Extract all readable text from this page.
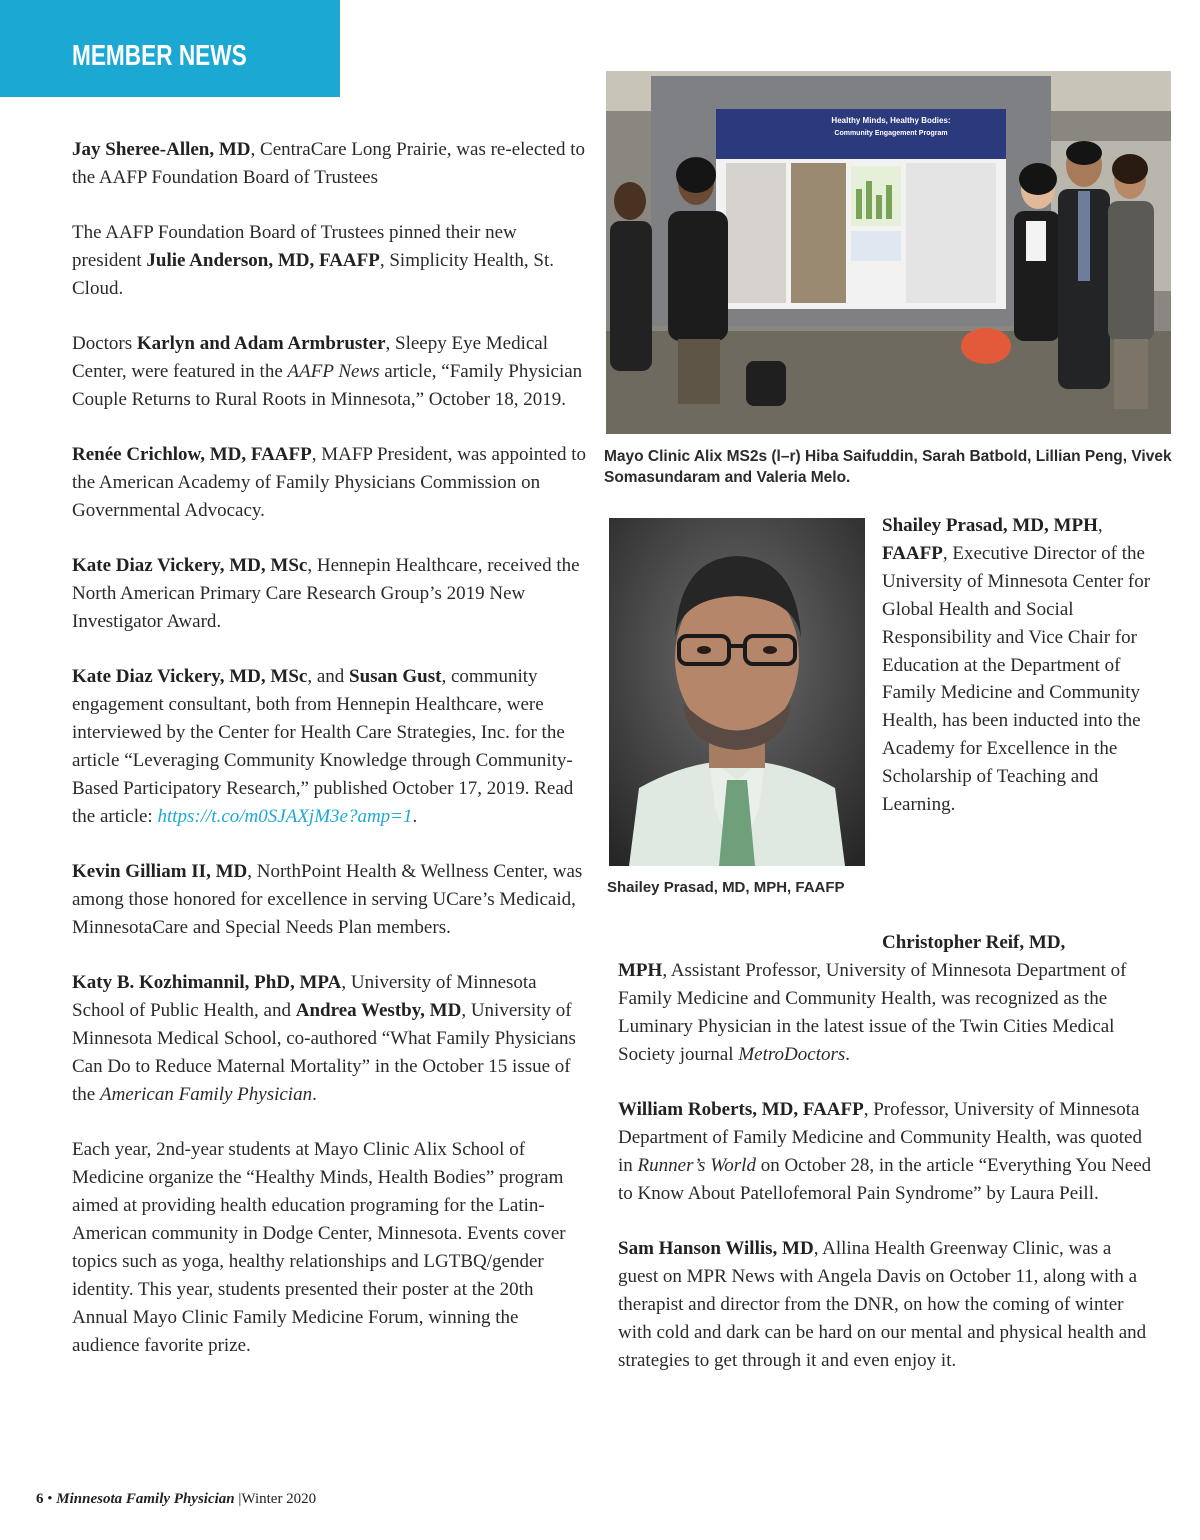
MEMBER NEWS

Jay Sheree-Allen, MD, CentraCare Long Prairie, was re-elected to the AAFP Foundation Board of Trustees

The AAFP Foundation Board of Trustees pinned their new president Julie Anderson, MD, FAAFP, Simplicity Health, St. Cloud.

Doctors Karlyn and Adam Armbruster, Sleepy Eye Medical Center, were featured in the AAFP News article, “Family Physician Couple Returns to Rural Roots in Minnesota,” October 18, 2019.

Renée Crichlow, MD, FAAFP, MAFP President, was appointed to the American Academy of Family Physicians Commission on Governmental Advocacy.

Kate Diaz Vickery, MD, MSc, Hennepin Healthcare, received the North American Primary Care Research Group’s 2019 New Investigator Award.

Kate Diaz Vickery, MD, MSc, and Susan Gust, community engagement consultant, both from Hennepin Healthcare, were interviewed by the Center for Health Care Strategies, Inc. for the article “Leveraging Community Knowledge through Community-Based Participatory Research,” published October 17, 2019. Read the article: https://t.co/m0SJAXjM3e?amp=1.

Kevin Gilliam II, MD, NorthPoint Health & Wellness Center, was among those honored for excellence in serving UCare’s Medicaid, MinnesotaCare and Special Needs Plan members.

Katy B. Kozhimannil, PhD, MPA, University of Minnesota School of Public Health, and Andrea Westby, MD, University of Minnesota Medical School, co-authored “What Family Physicians Can Do to Reduce Maternal Mortality” in the October 15 issue of the American Family Physician.

Each year, 2nd-year students at Mayo Clinic Alix School of Medicine organize the “Healthy Minds, Health Bodies” program aimed at providing health education programing for the Latin-American community in Dodge Center, Minnesota. Events cover topics such as yoga, healthy relationships and LGTBQ/gender identity. This year, students presented their poster at the 20th Annual Mayo Clinic Family Medicine Forum, winning the audience favorite prize.

Healthy Minds, Healthy Bodies:
Community Engagement Program
Mayo Clinic Alix MS2s (l–r) Hiba Saifuddin, Sarah Batbold, Lillian Peng, Vivek Somasundaram and Valeria Melo.
Shailey Prasad, MD, MPH, FAAFP

Shailey Prasad, MD, MPH, FAAFP, Executive Director of the University of Minnesota Center for Global Health and Social Responsibility and Vice Chair for Education at the Department of Family Medicine and Community Health, has been inducted into the Academy for Excellence in the Scholarship of Teaching and Learning.

Christopher Reif, MD,
MPH, Assistant Professor, University of Minnesota Department of Family Medicine and Community Health, was recognized as the Luminary Physician in the latest issue of the Twin Cities Medical Society journal MetroDoctors.

William Roberts, MD, FAAFP, Professor, University of Minnesota Department of Family Medicine and Community Health, was quoted in Runner’s World on October 28, in the article “Everything You Need to Know About Patellofemoral Pain Syndrome” by Laura Peill.

Sam Hanson Willis, MD, Allina Health Greenway Clinic, was a guest on MPR News with Angela Davis on October 11, along with a therapist and director from the DNR, on how the coming of winter with cold and dark can be hard on our mental and physical health and strategies to get through it and even enjoy it.

6 • Minnesota Family Physician |Winter 2020
